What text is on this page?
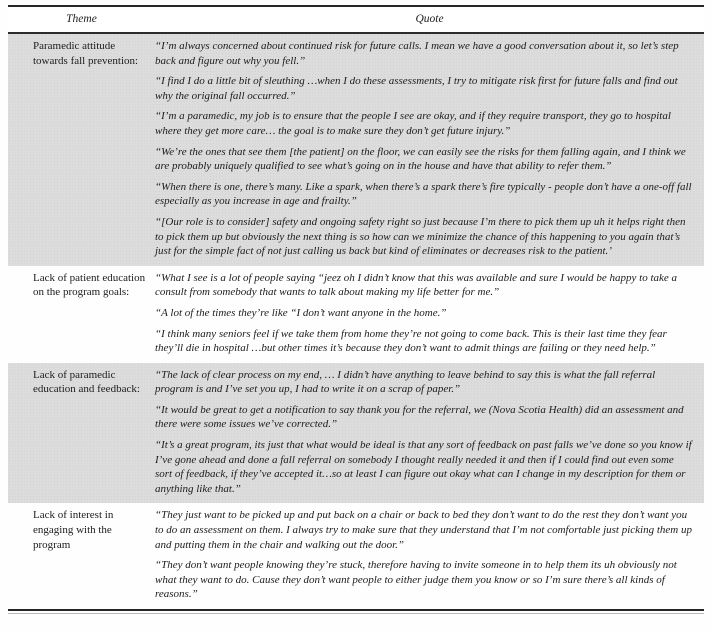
Theme	Quote
Paramedic attitude towards fall prevention:

“I’m always concerned about continued risk for future calls. I mean we have a good conversation about it, so let’s step back and figure out why you fell.”

“I find I do a little bit of sleuthing …when I do these assessments, I try to mitigate risk first for future falls and find out why the original fall occurred.”

“I’m a paramedic, my job is to ensure that the people I see are okay, and if they require transport, they go to hospital where they get more care… the goal is to make sure they don’t get future injury.”

“We’re the ones that see them [the patient] on the floor, we can easily see the risks for them falling again, and I think we are probably uniquely qualified to see what’s going on in the house and have that ability to refer them.”

“When there is one, there’s many. Like a spark, when there’s a spark there’s fire typically - people don’t have a one-off fall especially as you increase in age and frailty.”

“[Our role is to consider] safety and ongoing safety right so just because I’m there to pick them up uh it helps right then to pick them up but obviously the next thing is so how can we minimize the chance of this happening to you again that’s just for the simple fact of not just calling us back but kind of eliminates or decreases risk to the patient.’

Lack of patient education on the program goals:

“What I see is a lot of people saying “jeez oh I didn’t know that this was available and sure I would be happy to take a consult from somebody that wants to talk about making my life better for me.”

“A lot of the times they’re like “I don’t want anyone in the home.”

“I think many seniors feel if we take them from home they’re not going to come back. This is their last time they fear they’ll die in hospital …but other times it’s because they don’t want to admit things are failing or they need help.”

Lack of paramedic education and feedback:

“The lack of clear process on my end, … I didn’t have anything to leave behind to say this is what the fall referral program is and I’ve set you up, I had to write it on a scrap of paper.”

“It would be great to get a notification to say thank you for the referral, we (Nova Scotia Health) did an assessment and there were some issues we’ve corrected.”

“It’s a great program, its just that what would be ideal is that any sort of feedback on past falls we’ve done so you know if I’ve gone ahead and done a fall referral on somebody I thought really needed it and then if I could find out even some sort of feedback, if they’ve accepted it…so at least I can figure out okay what can I change in my description for them or anything like that.”

Lack of interest in engaging with the program

“They just want to be picked up and put back on a chair or back to bed they don’t want to do the rest they don’t want you to do an assessment on them. I always try to make sure that they understand that I’m not comfortable just picking them up and putting them in the chair and walking out the door.”

“They don’t want people knowing they’re stuck, therefore having to invite someone in to help them its uh obviously not what they want to do. Cause they don’t want people to either judge them you know or so I’m sure there’s all kinds of reasons.”
